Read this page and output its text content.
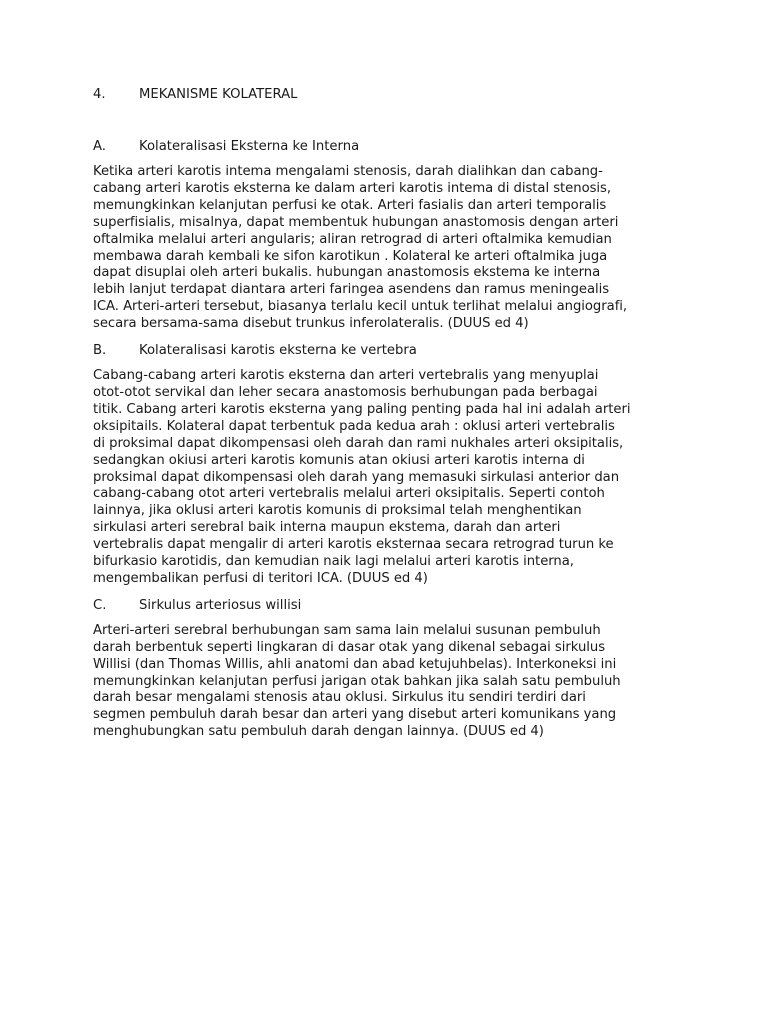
4.	MEKANISME KOLATERAL
A.	Kolateralisasi Eksterna ke Interna
Ketika arteri karotis intema mengalami stenosis, darah dialihkan dan cabang-
cabang arteri karotis eksterna ke dalam arteri karotis intema di distal stenosis,
memungkinkan kelanjutan perfusi ke otak. Arteri fasialis dan arteri temporalis
superfisialis, misalnya, dapat membentuk hubungan anastomosis dengan arteri
oftalmika melalui arteri angularis; aliran retrograd di arteri oftalmika kemudian
membawa darah kembali ke sifon karotikun . Kolateral ke arteri oftalmika juga
dapat disuplai oleh arteri bukalis. hubungan anastomosis ekstema ke interna
lebih lanjut terdapat diantara arteri faringea asendens dan ramus meningealis
ICA. Arteri-arteri tersebut, biasanya terlalu kecil untuk terlihat melalui angiografi,
secara bersama-sama disebut trunkus inferolateralis. (DUUS ed 4)
B.	Kolateralisasi karotis eksterna ke vertebra
Cabang-cabang arteri karotis eksterna dan arteri vertebralis yang menyuplai
otot-otot servikal dan leher secara anastomosis berhubungan pada berbagai
titik. Cabang arteri karotis eksterna yang paling penting pada hal ini adalah arteri
oksipitails. Kolateral dapat terbentuk pada kedua arah : oklusi arteri vertebralis
di proksimal dapat dikompensasi oleh darah dan rami nukhales arteri oksipitalis,
sedangkan okiusi arteri karotis komunis atan okiusi arteri karotis interna di
proksimal dapat dikompensasi oleh darah yang memasuki sirkulasi anterior dan
cabang-cabang otot arteri vertebralis melalui arteri oksipitalis. Seperti contoh
lainnya, jika oklusi arteri karotis komunis di proksimal telah menghentikan
sirkulasi arteri serebral baik interna maupun ekstema, darah dan arteri
vertebralis dapat mengalir di arteri karotis eksternaa secara retrograd turun ke
bifurkasio karotidis, dan kemudian naik lagi melalui arteri karotis interna,
mengembalikan perfusi di teritori ICA. (DUUS ed 4)
C.	Sirkulus arteriosus willisi
Arteri-arteri serebral berhubungan sam sama lain melalui susunan pembuluh
darah berbentuk seperti lingkaran di dasar otak yang dikenal sebagai sirkulus
Willisi (dan Thomas Willis, ahli anatomi dan abad ketujuhbelas). Interkoneksi ini
memungkinkan kelanjutan perfusi jarigan otak bahkan jika salah satu pembuluh
darah besar mengalami stenosis atau oklusi. Sirkulus itu sendiri terdiri dari
segmen pembuluh darah besar dan arteri yang disebut arteri komunikans yang
menghubungkan satu pembuluh darah dengan lainnya. (DUUS ed 4)
